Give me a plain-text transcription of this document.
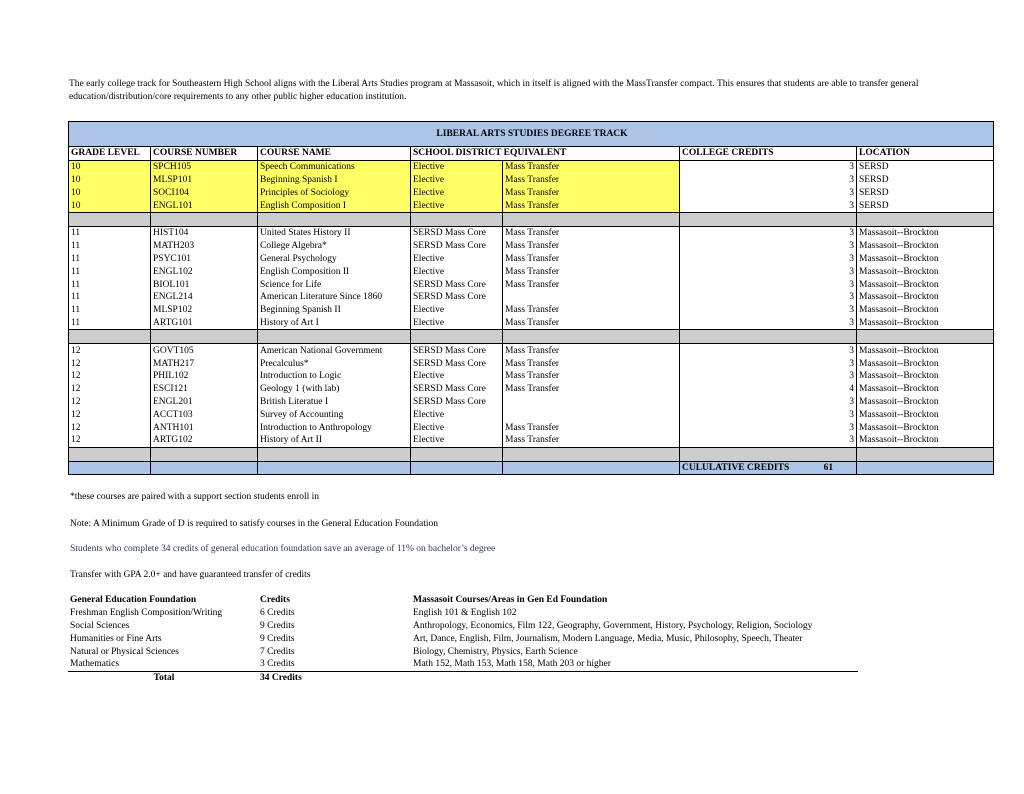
The early college track for Southeastern High School aligns with the Liberal Arts Studies program at Massasoit, which in itself is aligned with the MassTransfer compact. This ensures that students are able to transfer general education/distribution/core requirements to any other public higher education institution.
LIBERAL ARTS STUDIES DEGREE TRACK						
GRADE LEVEL	COURSE NUMBER	COURSE NAME	SCHOOL DISTRICT EQUIVALENT		COLLEGE CREDITS	LOCATION
10	SPCH105	Speech Communications	Elective	Mass Transfer	3	SERSD
10	MLSP101	Beginning Spanish I	Elective	Mass Transfer	3	SERSD
10	SOCI104	Principles of Sociology	Elective	Mass Transfer	3	SERSD
10	ENGL101	English Composition I	Elective	Mass Transfer	3	SERSD

11	HIST104	United States History II	SERSD Mass Core	Mass Transfer	3	Massasoit--Brockton
11	MATH203	College Algebra*	SERSD Mass Core	Mass Transfer	3	Massasoit--Brockton
11	PSYC101	General Psychology	Elective	Mass Transfer	3	Massasoit--Brockton
11	ENGL102	English Composition II	Elective	Mass Transfer	3	Massasoit--Brockton
11	BIOL101	Science for Life	SERSD Mass Core	Mass Transfer	3	Massasoit--Brockton
11	ENGL214	American Literature Since 1860	SERSD Mass Core		3	Massasoit--Brockton
11	MLSP102	Beginning Spanish II	Elective	Mass Transfer	3	Massasoit--Brockton
11	ARTG101	History of Art I	Elective	Mass Transfer	3	Massasoit--Brockton

12	GOVT105	American National Government	SERSD Mass Core	Mass Transfer	3	Massasoit--Brockton
12	MATH217	Precalculus*	SERSD Mass Core	Mass Transfer	3	Massasoit--Brockton
12	PHIL102	Introduction to Logic	Elective	Mass Transfer	3	Massasoit--Brockton
12	ESCI121	Geology 1 (with lab)	SERSD Mass Core	Mass Transfer	4	Massasoit--Brockton
12	ENGL201	British Literatue I	SERSD Mass Core		3	Massasoit--Brockton
12	ACCT103	Survey of Accounting	Elective		3	Massasoit--Brockton
12	ANTH101	Introduction to Anthropology	Elective	Mass Transfer	3	Massasoit--Brockton
12	ARTG102	History of Art II	Elective	Mass Transfer	3	Massasoit--Brockton

					CULULATIVE CREDITS 61	
*these courses are paired with a support section students enroll in
Note: A Minimum Grade of D is required to satisfy courses in the General Education Foundation
Students who complete 34 credits of general education foundation save an average of 11% on bachelor’s degree
Transfer with GPA 2.0+ and have guaranteed transfer of credits
General Education Foundation	Credits	Massasoit Courses/Areas in Gen Ed Foundation
Freshman English Composition/Writing	6 Credits	English 101 & English 102
Social Sciences	9 Credits	Anthropology, Economics, Film 122, Geography, Government, History, Psychology, Religion, Sociology
Humanities or Fine Arts	9 Credits	Art, Dance, English, Film, Journalism, Modern Language, Media, Music, Philosophy, Speech, Theater
Natural or Physical Sciences	7 Credits	Biology, Chemistry, Physics, Earth Science
Mathematics	3 Credits	Math 152, Math 153, Math 158, Math 203 or higher
Total	34 Credits	
